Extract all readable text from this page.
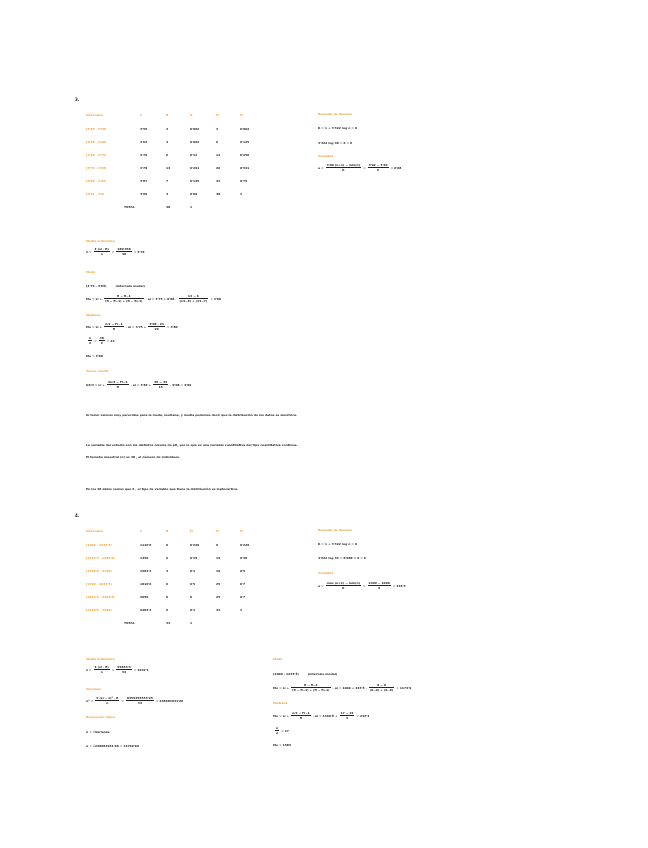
3.
Intervalos	x	fi	fr	Fi	Fr
[3'50 - 3'58̄)	3'55̄	3	0'062	3	0'062
[3'58̄ - 3'66̄)	3'62̄	3	0'062	6	0'125
[3'66̄ - 3'75)	3'70̄	6	0'12	12	0'250
[3'75 - 3'83̄)	3'79̄	14	0'291	26	0'541
[3'83̄ - 3'91̄)	3'87	7	0'145	33	0'75
[3'91̄ - 4'0)	3'95̄	4	0'09	48	1
	TOTAL	48	1
Remedio de Sturges
K = 1 + 3'322 log n = 6
3'322 log 48 = 6 = 6
Amplitud
$a = \frac{4'00 (n+1) - \min(n)}{K} = \frac{3'92 - 3'50}{6}$ = 0'08̄
Media aritmética
x̄ = $\frac{\Sigma (xi \cdot fi)}{n} = \frac{180'458̄}{48} = 3'78$
Moda
[3'75 - 3'83̄)	(intervalo modal)
$Mo = Li + \frac{fi - fi-1}{(fi - fi-1) + (fi - fi+1)}$ · ai = 3'75 + 0'08̄ · $\frac{14 - 6}{(14-6) + (14-7)}$ = 3'80̄
Mediana
$Me = Li + \frac{n/2 - Fi-1}{fi}$ · ai = $3'75 + \frac{3'08̄ \cdot 24}{26}$ = 3'80̄
$\frac{n}{2} = \frac{48}{2} = 24$
Me = 3'80
Tercer cuartil
$Q3/4 = Li + \frac{3n/4 - Fi-1}{fi}$ · ai = $3'83 + \frac{36 - 33}{15}$ · 0'08̄ = 3'86
Al tener valores muy parecidos para la moda, mediana, y media podemos decir que la distribución de los datos es simétrica.
La variable del estudio son los distintos niveles de pH, por lo que es una variable cuantitativa del tipo cuantitativa continua.
El tamaño muestral (n) es 48 , el número de individuos.
En los 48 datos vemos que 6 , el tipo de variable que tiene la distribución es leptocúrtica.
4.
Intervalos	x	fi	Fr	Fi	Fr
[1000 - 1233'3̄)	1116'6̄	9	0'229	9	0'229
[1233'3̄ - 1466'6̄)	1350	6	0'15̄	15	0'38
[1466'6̄ - 1700)	1583'3	4	0'1̄	19	0'5
[1700 - 1933'3̄)	1816'6	6	0'5	25	0'7̄
[1933'3̄ - 2166'6̄)	2050	0	0	25	0'7̄
[2166'6̄ - 2400)	2283'3	9	0'1̄	34	1
	TOTAL	34	1
Remedio de Sturges
K = 1 + 3'322 log n = 6
3'322 log 34 = 6'088 ≈ 6 = 6
Amplitud
$a = \frac{\max (n+1) - \min(n)}{K} = \frac{2400 - 1000}{6}$ = 233'3̄
Media aritmética
x̄ = $\frac{\Sigma (xi \cdot fi)}{n} = \frac{55833'3̄}{34} = 1642'1$
Varianza
$\sigma^2 = \frac{\text{Σ (xi − x̄)² · fi}}{n} = \frac{8455255533'25}{34} = 248683931'66$
Desviación típica
σ = √Varianza
σ = √248683931'66 = 15769'69
Moda
[1000 - 1233'3̄)	(intervalo modal)
$Mo = Li + \frac{fi - fi-1}{(fi - fi-1) + (fi - fi+1)}$ · ai = 1000 + 233'3̄ · $\frac{9 - 0}{(9-0) + (9-6)} = 1174'9$
Mediana
$Me = Li + \frac{n/2 - Fi-1}{fi}$ · ai = 1466'6̄ + $\frac{17 - 15}{4}$ = 233'3̄
$\frac{n}{2} = 17$
Me = 1583
